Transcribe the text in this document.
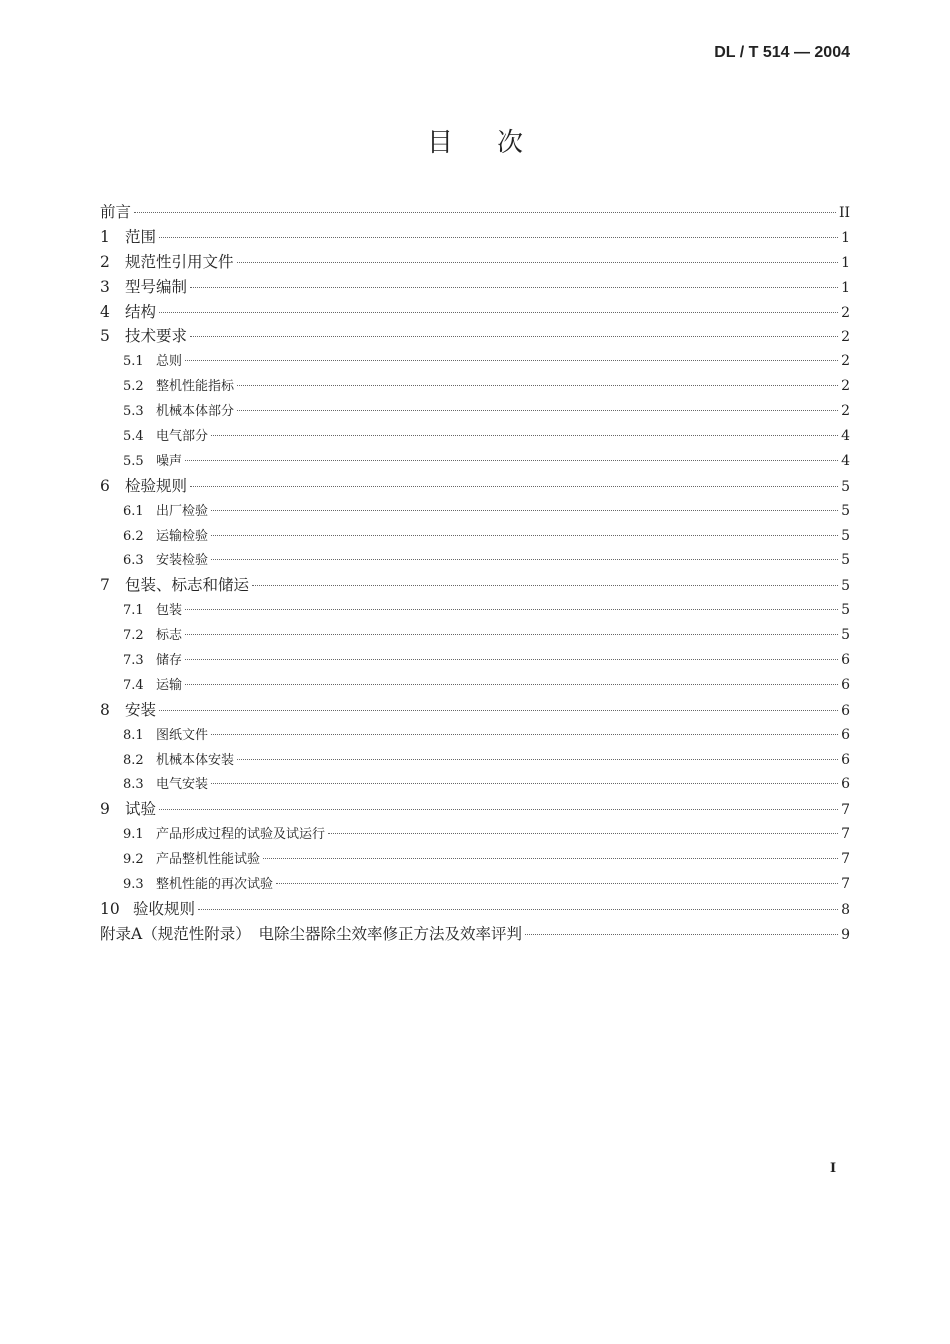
DL / T 514 — 2004
目次
前言	II
1 范围	1
2 规范性引用文件	1
3 型号编制	1
4 结构	2
5 技术要求	2
5.1 总则	2
5.2 整机性能指标	2
5.3 机械本体部分	2
5.4 电气部分	4
5.5 噪声	4
6 检验规则	5
6.1 出厂检验	5
6.2 运输检验	5
6.3 安装检验	5
7 包装、标志和储运	5
7.1 包装	5
7.2 标志	5
7.3 储存	6
7.4 运输	6
8 安装	6
8.1 图纸文件	6
8.2 机械本体安装	6
8.3 电气安装	6
9 试验	7
9.1 产品形成过程的试验及试运行	7
9.2 产品整机性能试验	7
9.3 整机性能的再次试验	7
10 验收规则	8
附录A（规范性附录）　电除尘器除尘效率修正方法及效率评判	9
I
